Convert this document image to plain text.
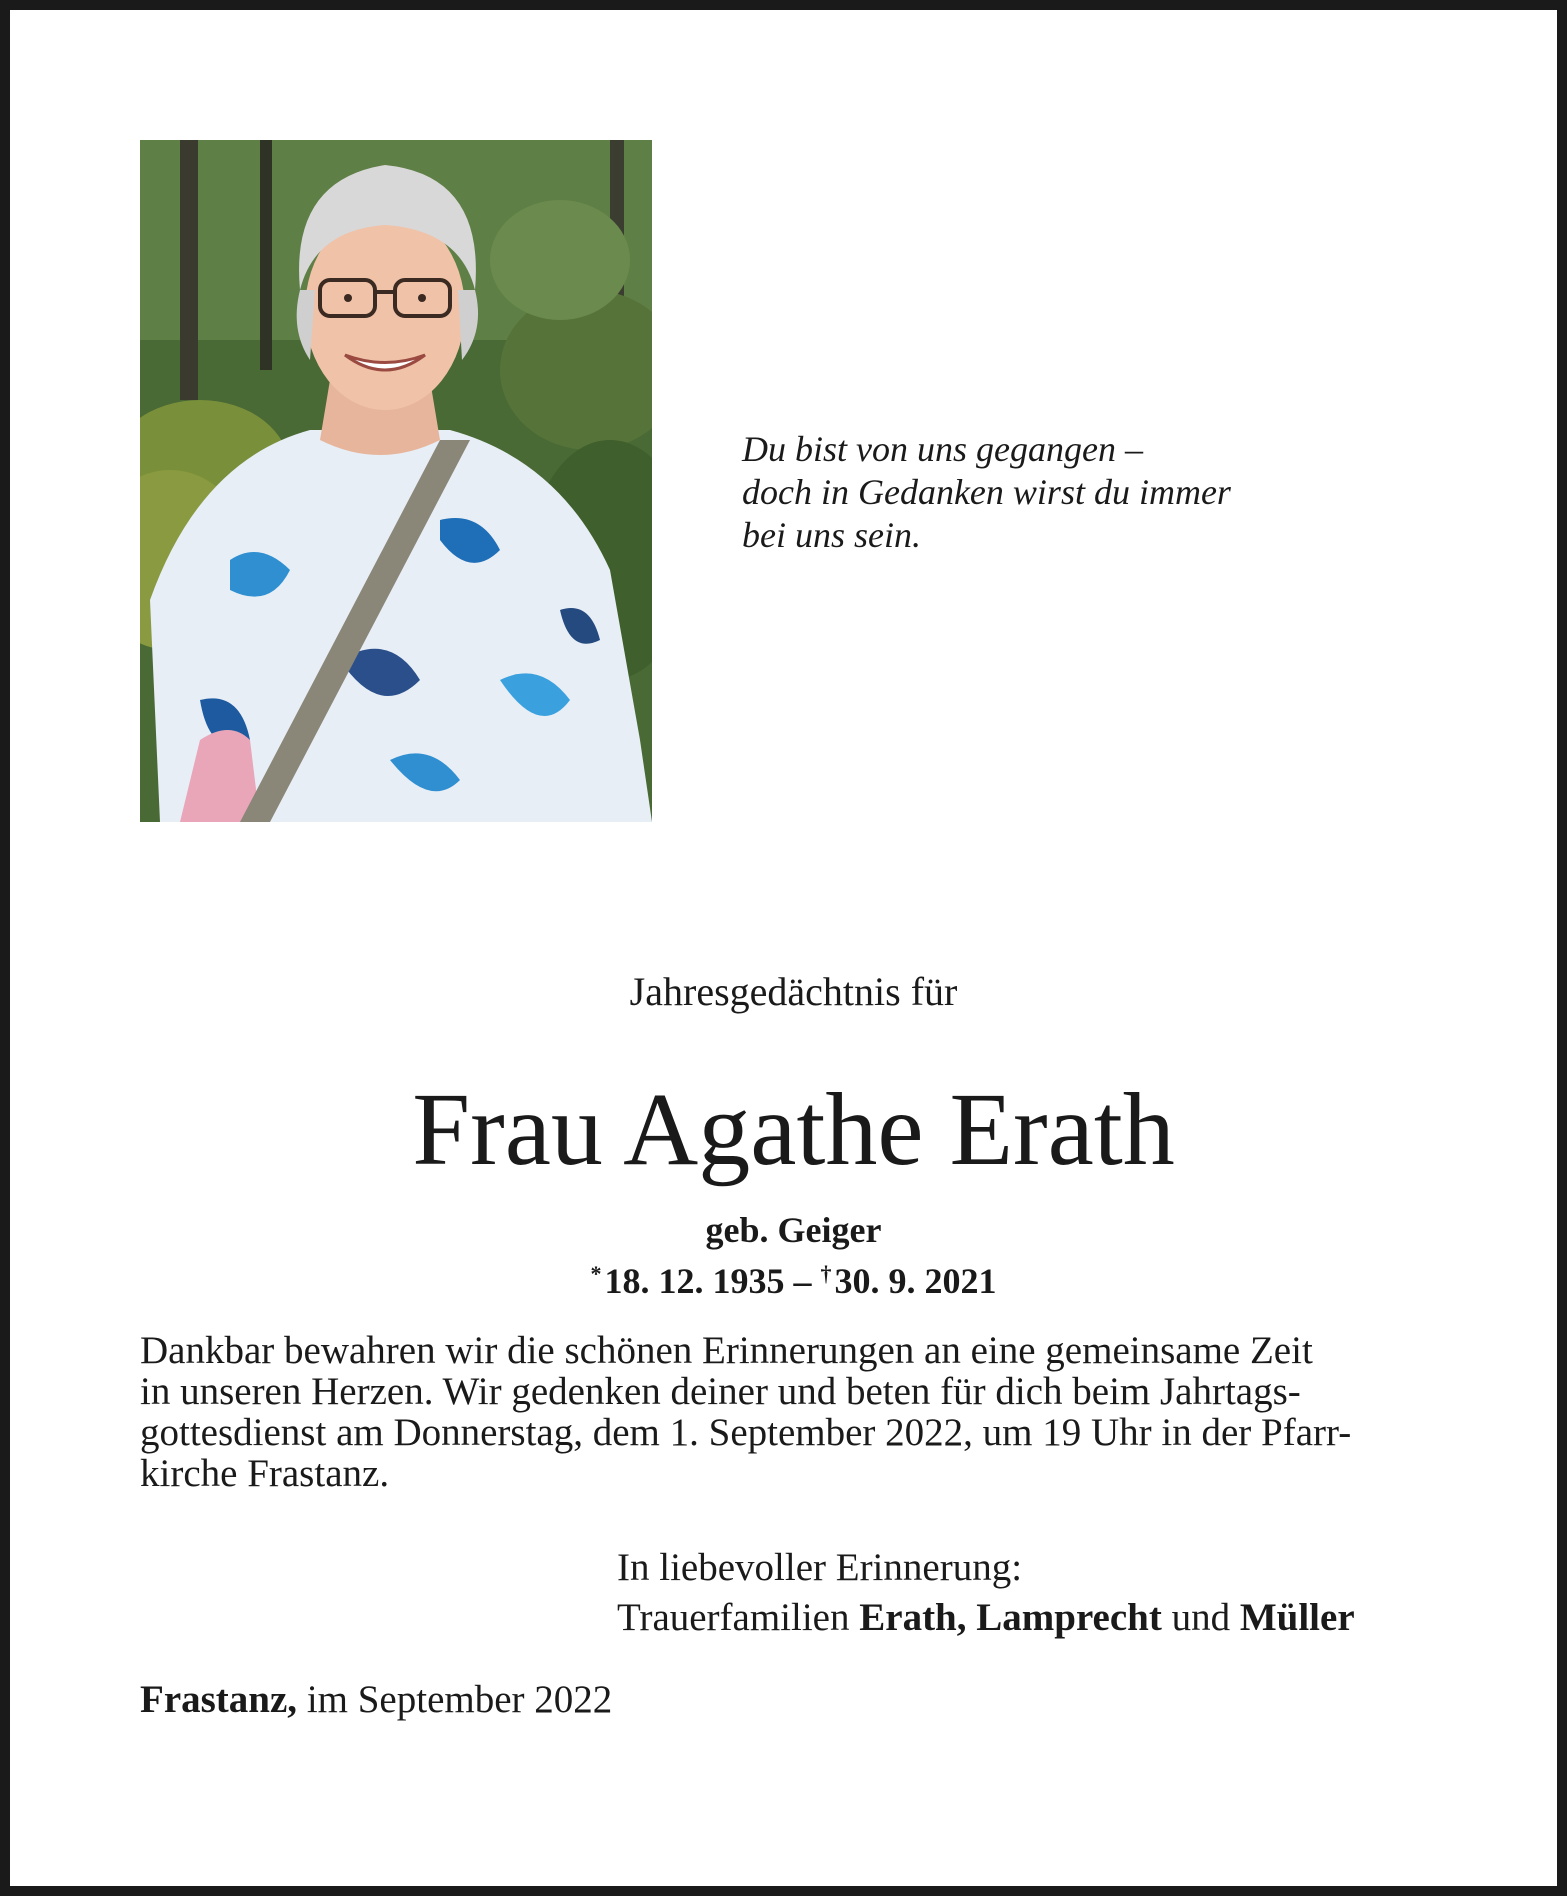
Du bist von uns gegangen –
doch in Gedanken wirst du immer
bei uns sein.
Jahresgedächtnis für
Frau Agathe Erath
geb. Geiger
* 18. 12. 1935 – † 30. 9. 2021
Dankbar bewahren wir die schönen Erinnerungen an eine gemeinsame Zeit
in unseren Herzen. Wir gedenken deiner und beten für dich beim Jahrtags-
gottesdienst am Donnerstag, dem 1. September 2022, um 19 Uhr in der Pfarr-
kirche Frastanz.
In liebevoller Erinnerung:
Trauerfamilien Erath, Lamprecht und Müller
Frastanz, im September 2022
